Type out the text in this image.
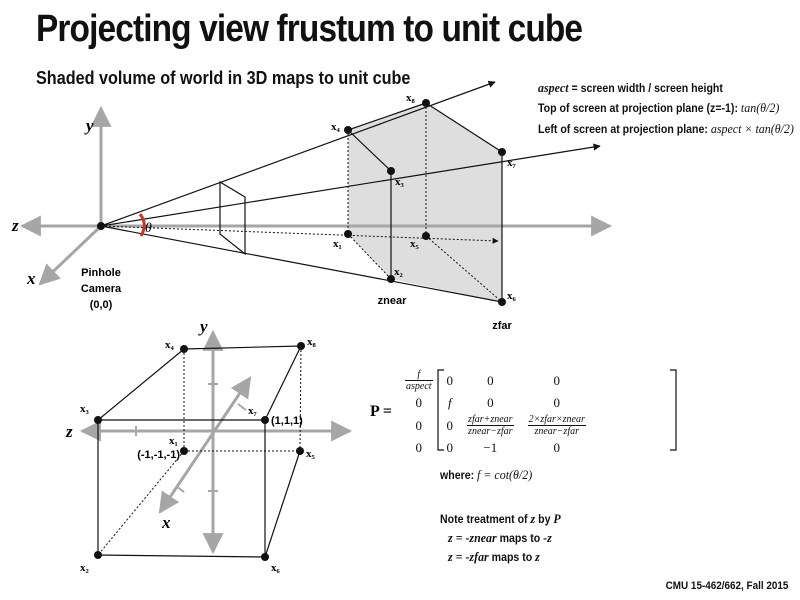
Projecting view frustum to unit cube
Shaded volume of world in 3D maps to unit cube
y
z
x
θ
Pinhole
Camera
(0,0)	znear
zfar
x₁
x₂
x₃
x₄
x₅
x₆
x₇
x₈
y
z
x
(1,1,1)
(-1,-1,-1)
x₁
x₂
x₃
x₄
x₅
x₆
x₇
x₈
P =
aspect = screen width / screen height
Top of screen at projection plane (z=-1): tan(θ/2)
Left of screen at projection plane: aspect × tan(θ/2)
$\frac{f}{\text{aspect}}$	0	0	0
0	f	0	0
0	0	$\frac{\text{zfar+znear}}{\text{znear−zfar}}$	$\frac{\text{2×zfar×znear}}{\text{znear−zfar}}$

0	0	−1	0
where: f = cot(θ/2)
Note treatment of z by P
z = -znear maps to -z
z = -zfar maps to z
CMU 15-462/662, Fall 2015
